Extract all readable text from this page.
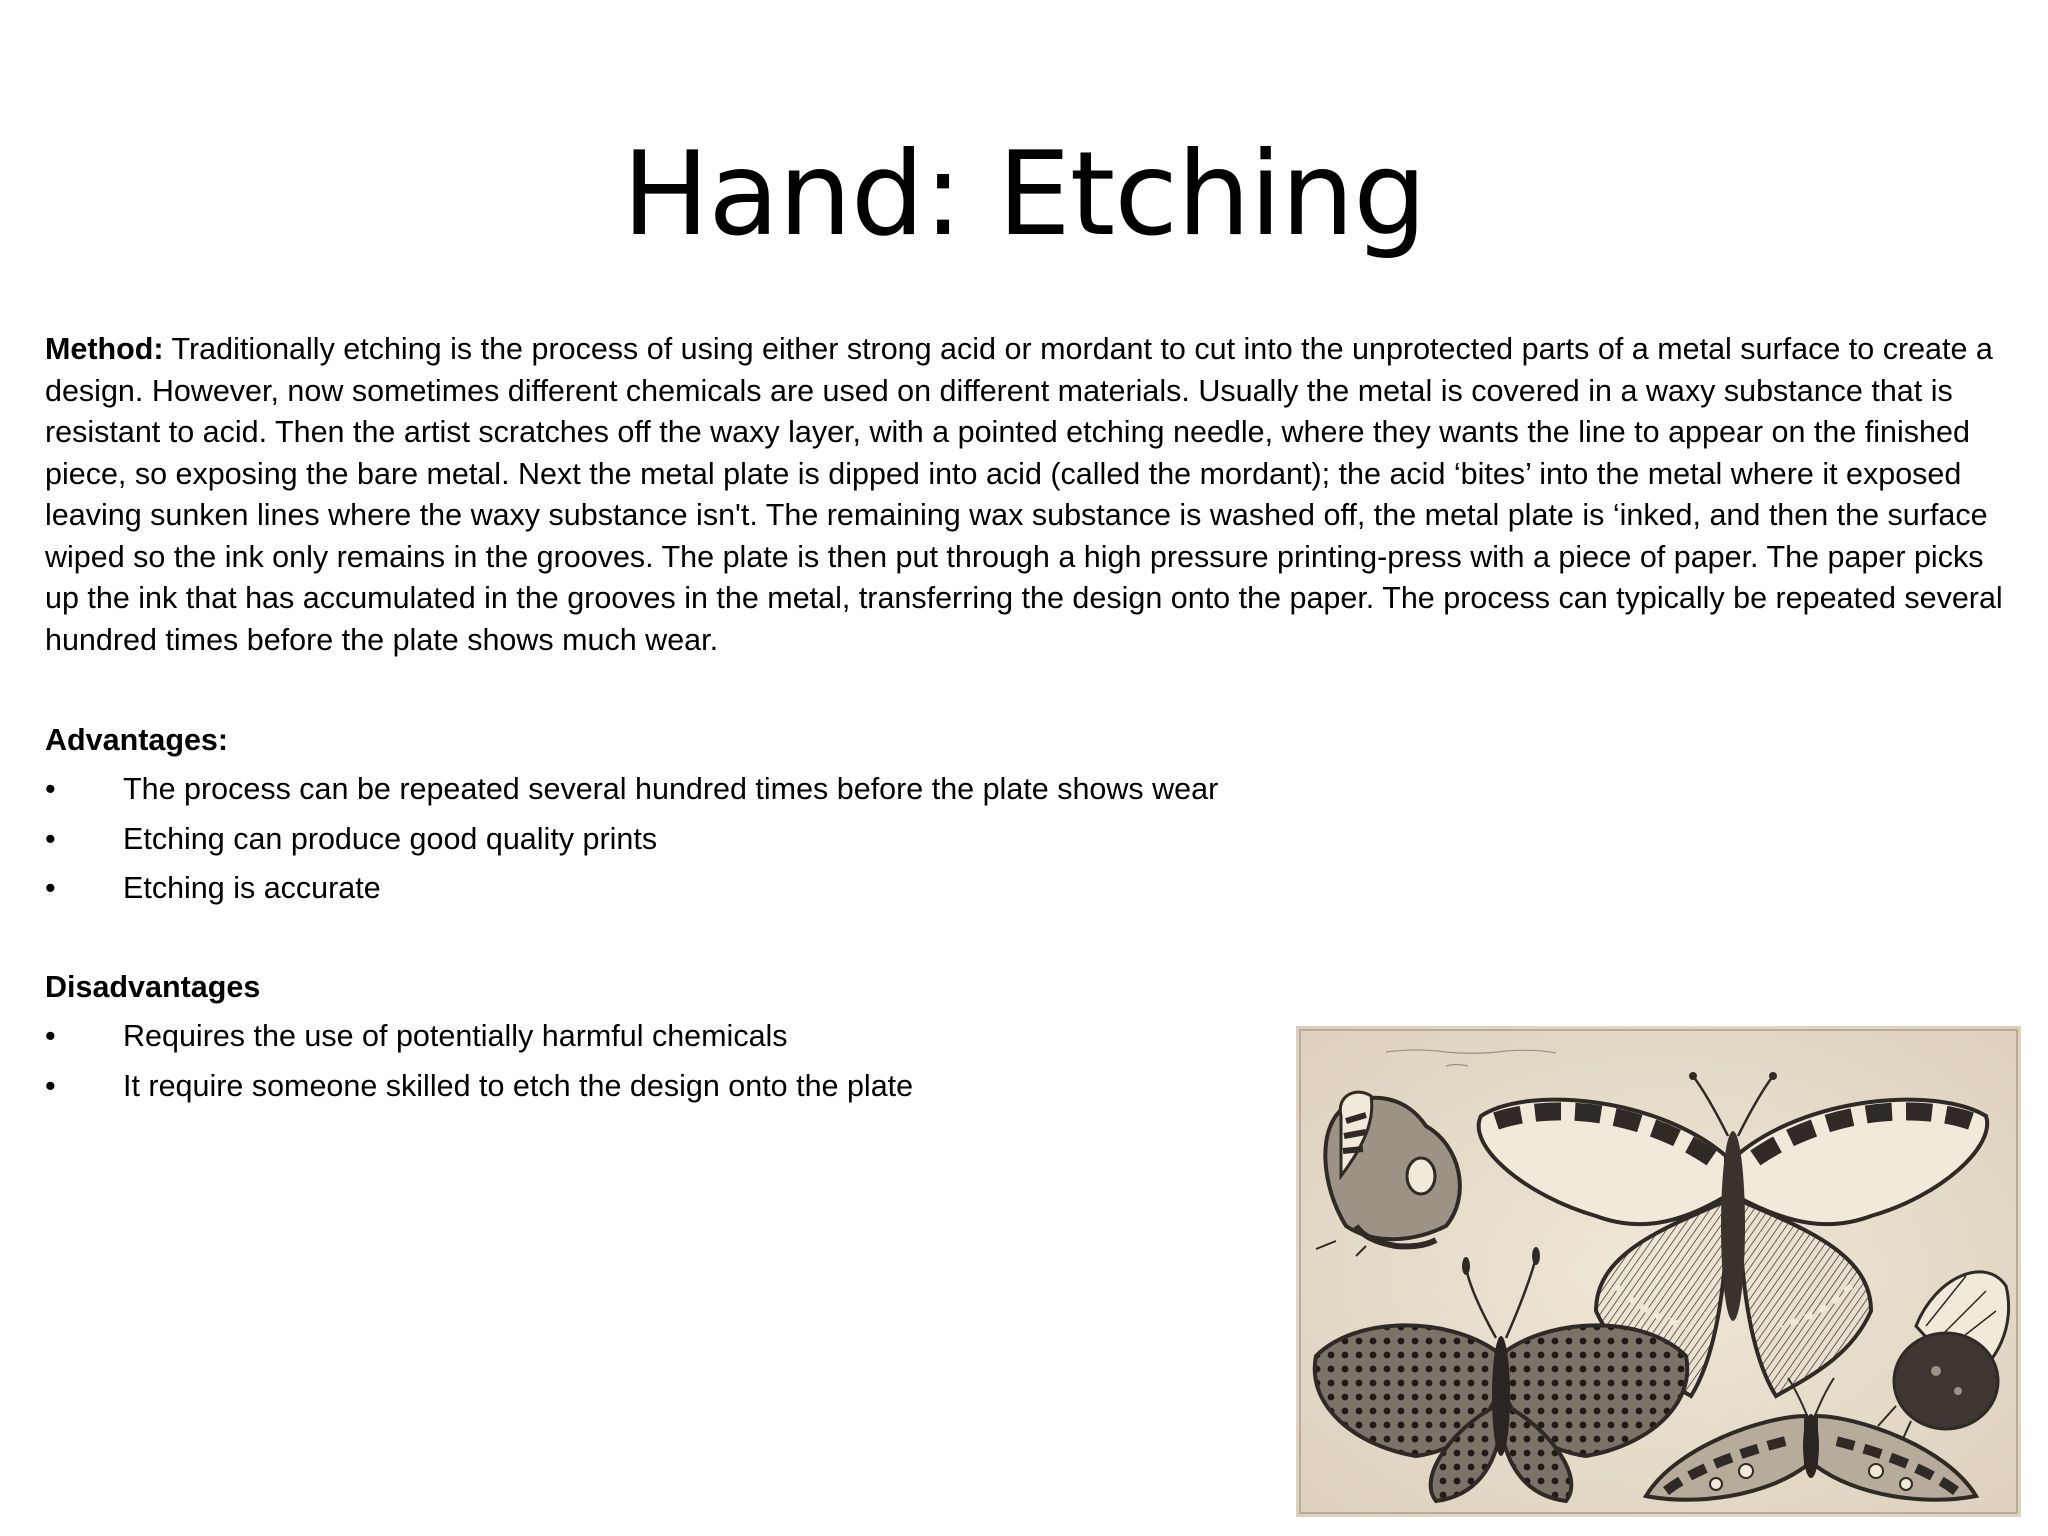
Hand: Etching
Method: Traditionally etching is the process of using either strong acid or mordant to cut into the unprotected parts of a metal surface to create a design. However, now sometimes different chemicals are used on different materials. Usually the metal is covered in a waxy substance that is resistant to acid. Then the artist scratches off the waxy layer, with a pointed etching needle, where they wants the line to appear on the finished piece, so exposing the bare metal. Next the metal plate is dipped into acid (called the mordant); the acid ‘bites’ into the metal where it exposed leaving sunken lines where the waxy substance isn't. The remaining wax substance is washed off, the metal plate is ‘inked, and then the surface wiped so the ink only remains in the grooves. The plate is then put through a high pressure printing-press with a piece of paper. The paper picks up the ink that has accumulated in the grooves in the metal, transferring the design onto the paper. The process can typically be repeated several hundred times before the plate shows much wear.
Advantages:
• The process can be repeated several hundred times before the plate shows wear
• Etching can produce good quality prints
• Etching is accurate
Disadvantages
• Requires the use of potentially harmful chemicals
• It require someone skilled to etch the design onto the plate
